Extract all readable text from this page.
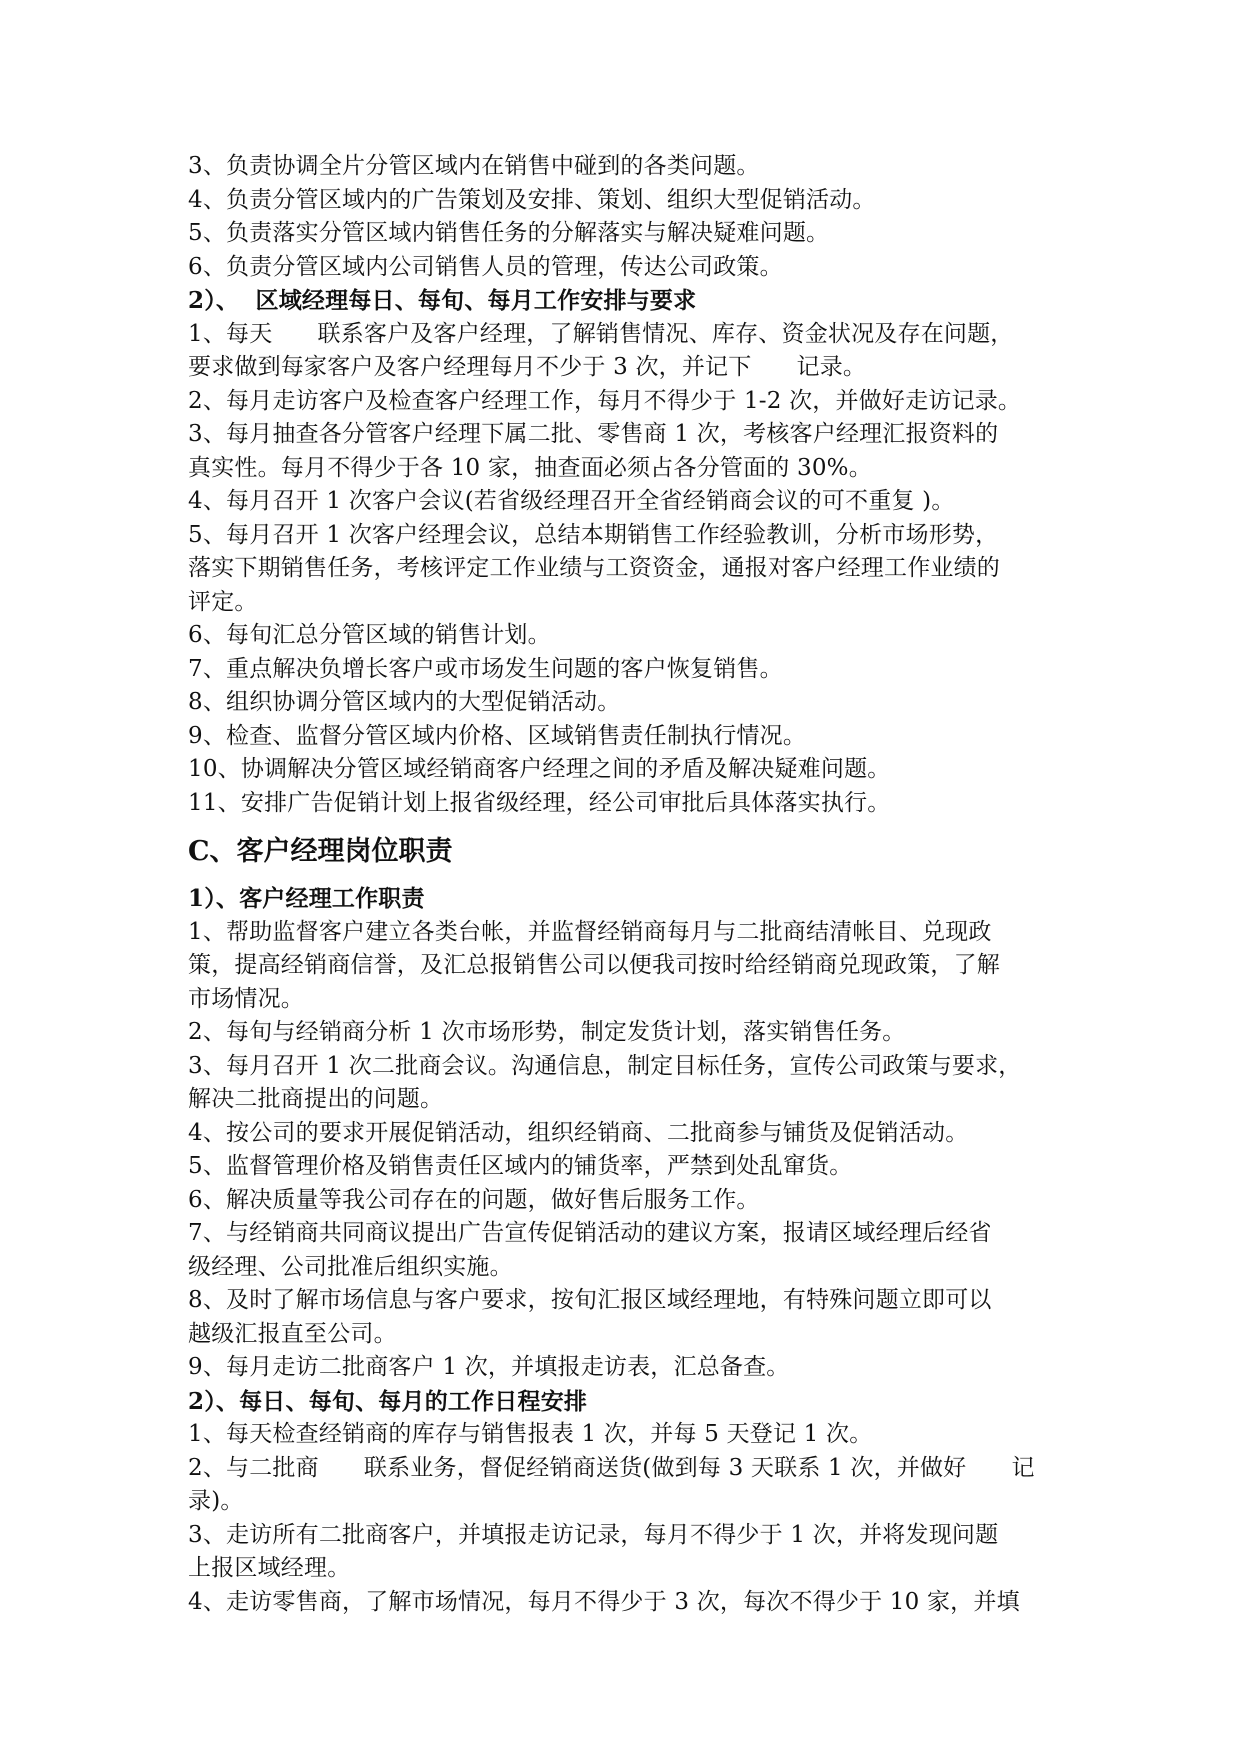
3、负责协调全片分管区域内在销售中碰到的各类问题。
4、负责分管区域内的广告策划及安排、策划、组织大型促销活动。
5、负责落实分管区域内销售任务的分解落实与解决疑难问题。
6、负责分管区域内公司销售人员的管理，传达公司政策。
2）、  区域经理每日、每旬、每月工作安排与要求
1、每天      联系客户及客户经理，了解销售情况、库存、资金状况及存在问题，
要求做到每家客户及客户经理每月不少于 3 次，并记下      记录。
2、每月走访客户及检查客户经理工作，每月不得少于 1-2 次，并做好走访记录。
3、每月抽查各分管客户经理下属二批、零售商 1 次，考核客户经理汇报资料的
真实性。每月不得少于各 10 家，抽查面必须占各分管面的 30%。
4、每月召开 1 次客户会议(若省级经理召开全省经销商会议的可不重复 )。
5、每月召开 1 次客户经理会议，总结本期销售工作经验教训，分析市场形势，
落实下期销售任务，考核评定工作业绩与工资资金，通报对客户经理工作业绩的
评定。
6、每旬汇总分管区域的销售计划。
7、重点解决负增长客户或市场发生问题的客户恢复销售。
8、组织协调分管区域内的大型促销活动。
9、检查、监督分管区域内价格、区域销售责任制执行情况。
10、协调解决分管区域经销商客户经理之间的矛盾及解决疑难问题。
11、安排广告促销计划上报省级经理，经公司审批后具体落实执行。
C、客户经理岗位职责
1）、客户经理工作职责
1、帮助监督客户建立各类台帐，并监督经销商每月与二批商结清帐目、兑现政
策，提高经销商信誉，及汇总报销售公司以便我司按时给经销商兑现政策，了解
市场情况。
2、每旬与经销商分析 1 次市场形势，制定发货计划，落实销售任务。
3、每月召开 1 次二批商会议。沟通信息，制定目标任务，宣传公司政策与要求，
解决二批商提出的问题。
4、按公司的要求开展促销活动，组织经销商、二批商参与铺货及促销活动。
5、监督管理价格及销售责任区域内的铺货率，严禁到处乱窜货。
6、解决质量等我公司存在的问题，做好售后服务工作。
7、与经销商共同商议提出广告宣传促销活动的建议方案，报请区域经理后经省
级经理、公司批准后组织实施。
8、及时了解市场信息与客户要求，按旬汇报区域经理地，有特殊问题立即可以
越级汇报直至公司。
9、每月走访二批商客户 1 次，并填报走访表，汇总备查。
2）、每日、每旬、每月的工作日程安排
1、每天检查经销商的库存与销售报表 1 次，并每 5 天登记 1 次。
2、与二批商      联系业务，督促经销商送货(做到每 3 天联系 1 次，并做好      记
录)。
3、走访所有二批商客户，并填报走访记录，每月不得少于 1 次，并将发现问题
上报区域经理。
4、走访零售商，了解市场情况，每月不得少于 3 次，每次不得少于 10 家，并填
